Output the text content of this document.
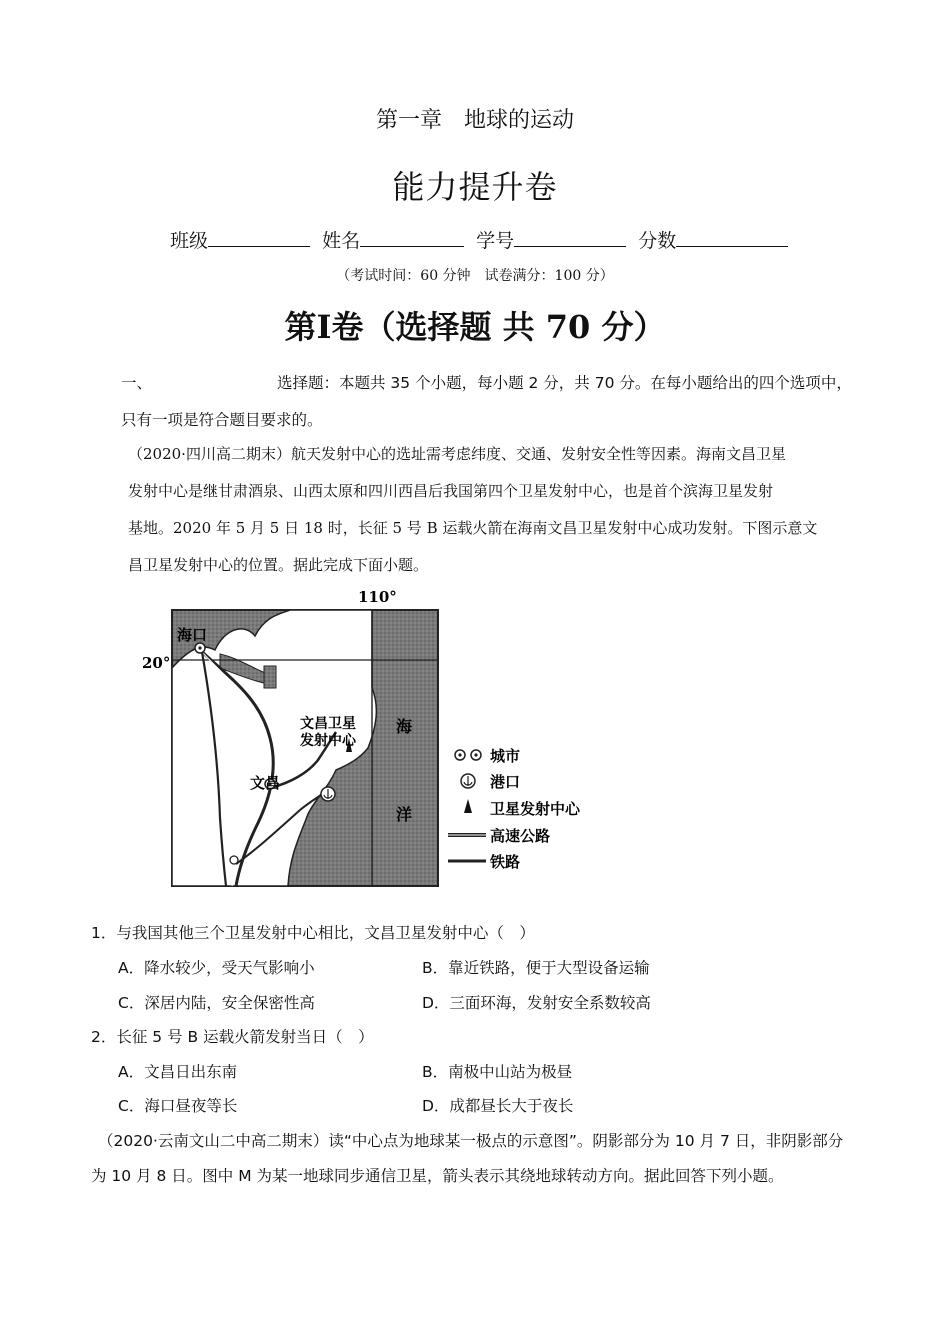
第一章　地球的运动
能力提升卷
班级	姓名	学号	分数
（考试时间：60 分钟　试卷满分：100 分）
第Ⅰ卷（选择题 共 70 分）
一、	选择题：本题共 35 个小题，每小题 2 分，共 70 分。在每小题给出的四个选项中，
只有一项是符合题目要求的。
（2020·四川高二期末）航天发射中心的选址需考虑纬度、交通、发射安全性等因素。海南文昌卫星
发射中心是继甘肃酒泉、山西太原和四川西昌后我国第四个卫星发射中心，也是首个滨海卫星发射
基地。2020 年 5 月 5 日 18 时，长征 5 号 B 运载火箭在海南文昌卫星发射中心成功发射。下图示意文
昌卫星发射中心的位置。据此完成下面小题。
110°
20°
海口
文昌
文昌卫星
发射中心
海
洋
城市
港口
卫星发射中心
高速公路
铁路
1．与我国其他三个卫星发射中心相比，文昌卫星发射中心（　）
A．降水较少，受天气影响小	B．靠近铁路，便于大型设备运输
C．深居内陆，安全保密性高	D．三面环海，发射安全系数较高
2．长征 5 号 B 运载火箭发射当日（　）
A．文昌日出东南	B．南极中山站为极昼
C．海口昼夜等长	D．成都昼长大于夜长
（2020·云南文山二中高二期末）读“中心点为地球某一极点的示意图”。阴影部分为 10 月 7 日，非阴影部分
为 10 月 8 日。图中 M 为某一地球同步通信卫星，箭头表示其绕地球转动方向。据此回答下列小题。
